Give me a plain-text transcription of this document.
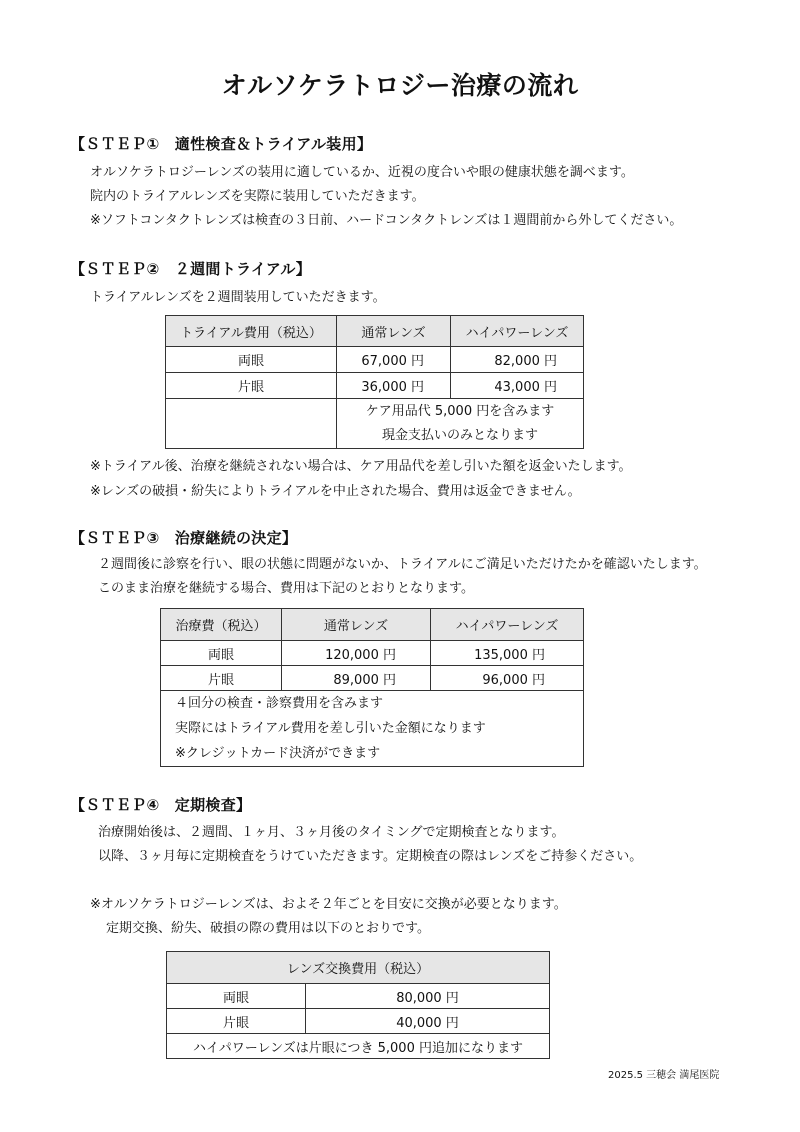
オルソケラトロジー治療の流れ
【ＳＴＥＰ①　適性検査＆トライアル装用】
オルソケラトロジーレンズの装用に適しているか、近視の度合いや眼の健康状態を調べます。
院内のトライアルレンズを実際に装用していただきます。
※ソフトコンタクトレンズは検査の３日前、ハードコンタクトレンズは１週間前から外してください。
【ＳＴＥＰ②　２週間トライアル】
トライアルレンズを２週間装用していただきます。
トライアル費用（税込）	通常レンズ	ハイパワーレンズ
両眼	67,000 円	82,000 円
片眼	36,000 円	43,000 円

	ケア用品代 5,000 円を含みます
現金支払いのみとなります	
※トライアル後、治療を継続されない場合は、ケア用品代を差し引いた額を返金いたします。
※レンズの破損・紛失によりトライアルを中止された場合、費用は返金できません。
【ＳＴＥＰ③　治療継続の決定】
２週間後に診察を行い、眼の状態に問題がないか、トライアルにご満足いただけたかを確認いたします。
このまま治療を継続する場合、費用は下記のとおりとなります。
治療費（税込）	通常レンズ	ハイパワーレンズ
両眼	120,000 円	135,000 円
片眼	89,000 円	96,000 円

４回分の検査・診察費用を含みます
実際にはトライアル費用を差し引いた金額になります
※クレジットカード決済ができます		
【ＳＴＥＰ④　定期検査】
治療開始後は、２週間、１ヶ月、３ヶ月後のタイミングで定期検査となります。
以降、３ヶ月毎に定期検査をうけていただきます。定期検査の際はレンズをご持参ください。
※オルソケラトロジーレンズは、およそ２年ごとを目安に交換が必要となります。
定期交換、紛失、破損の際の費用は以下のとおりです。
レンズ交換費用（税込）	
両眼	80,000 円
片眼	40,000 円
ハイパワーレンズは片眼につき 5,000 円追加になります	
2025.5 三穂会 満尾医院
